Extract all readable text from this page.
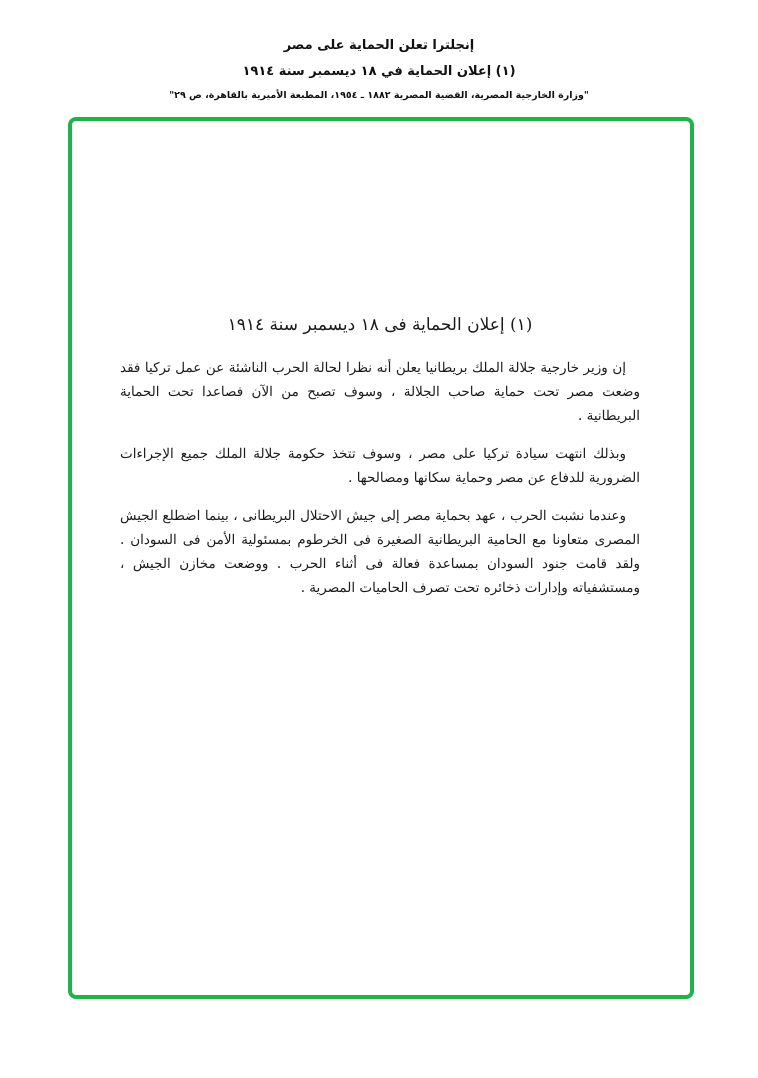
إنجلترا تعلن الحماية على مصر
(١) إعلان الحماية في ١٨ ديسمبر سنة ١٩١٤
"وزارة الخارجية المصرية، القضية المصرية ١٨٨٢ ـ ١٩٥٤، المطبعة الأميرية بالقاهرة، ص ٢٩"
(١) إعلان الحماية فى ١٨ ديسمبر سنة ١٩١٤

إن وزير خارجية جلالة الملك بريطانيا يعلن أنه نظرا لحالة الحرب الناشئة عن عمل تركيا فقد وضعت مصر تحت حماية صاحب الجلالة ، وسوف تصبح من الآن فصاعدا تحت الحماية البريطانية .

وبذلك انتهت سيادة تركيا على مصر ، وسوف تتخذ حكومة جلالة الملك جميع الإجراءات الضرورية للدفاع عن مصر وحماية سكانها ومصالحها .

وعندما نشبت الحرب ، عهد بحماية مصر إلى جيش الاحتلال البريطانى ، بينما اضطلع الجيش المصرى متعاونا مع الحامية البريطانية الصغيرة فى الخرطوم بمسئولية الأمن فى السودان . ولقد قامت جنود السودان بمساعدة فعالة فى أثناء الحرب . ووضعت مخازن الجيش ، ومستشفياته وإدارات ذخائره تحت تصرف الحاميات المصرية .
